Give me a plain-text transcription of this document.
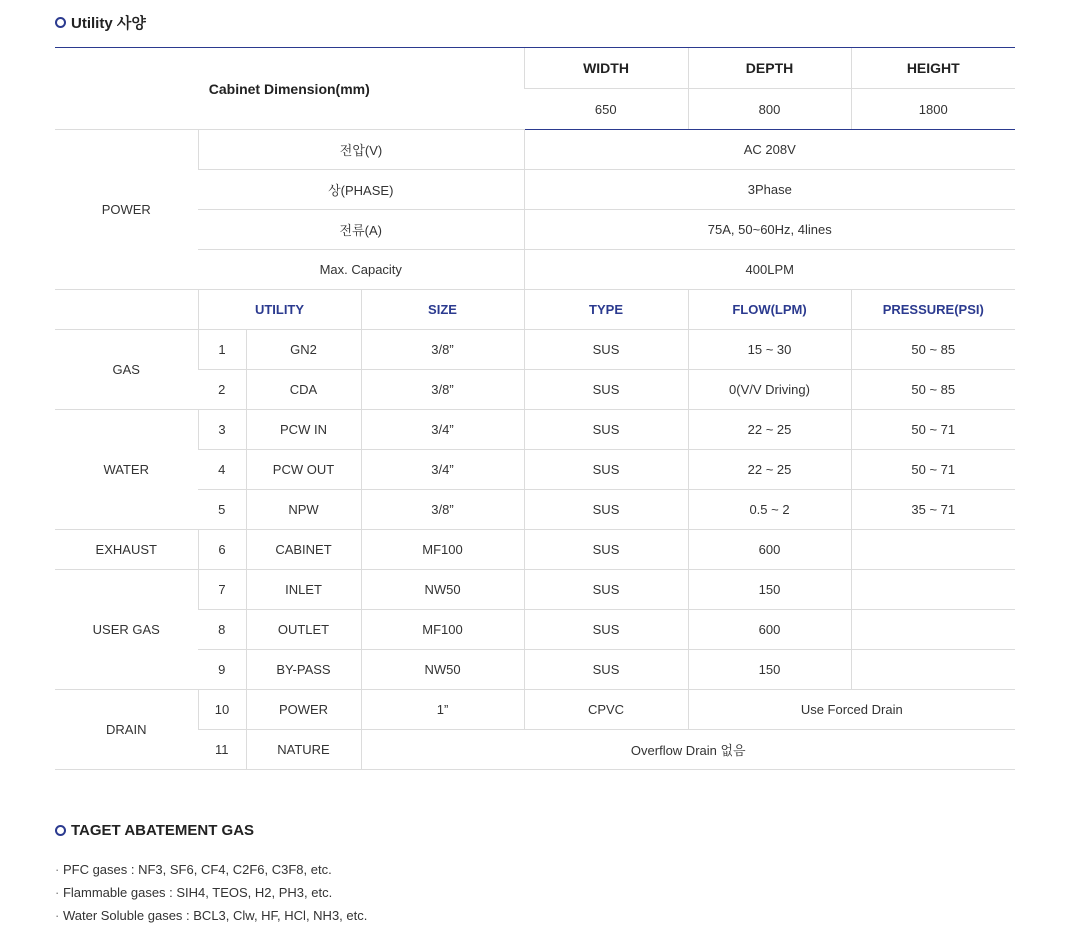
Utility 사양
Cabinet Dimension(mm)				WIDTH	DEPTH	HEIGHT
				650	800	1800
POWER	전압(V)			AC 208V		
	상(PHASE)			3Phase		
	전류(A)			75A, 50~60Hz, 4lines		
	Max. Capacity			400LPM		
	UTILITY		SIZE	TYPE	FLOW(LPM)	PRESSURE(PSI)
GAS	1	GN2	3/8”	SUS	15 ~ 30	50 ~ 85
	2	CDA	3/8”	SUS	0(V/V Driving)	50 ~ 85
WATER	3	PCW IN	3/4”	SUS	22 ~ 25	50 ~ 71
	4	PCW OUT	3/4”	SUS	22 ~ 25	50 ~ 71
	5	NPW	3/8”	SUS	0.5 ~ 2	35 ~ 71
EXHAUST	6	CABINET	MF100	SUS	600	
USER GAS	7	INLET	NW50	SUS	150	
	8	OUTLET	MF100	SUS	600	
	9	BY-PASS	NW50	SUS	150	
DRAIN	10	POWER	1”	CPVC	Use Forced Drain	
	11	NATURE	Overflow Drain 없음			
TAGET ABATEMENT GAS
· PFC gases : NF3, SF6, CF4, C2F6, C3F8, etc.
· Flammable gases : SIH4, TEOS, H2, PH3, etc.
· Water Soluble gases : BCL3, Clw, HF, HCl, NH3, etc.
